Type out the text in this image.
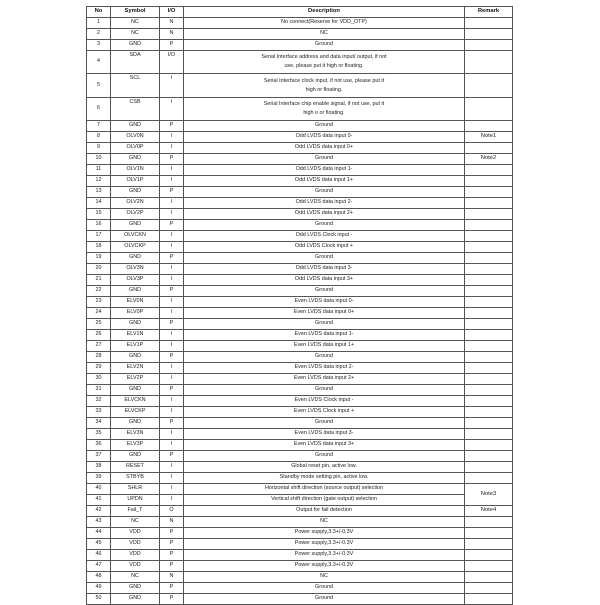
No	Symbol	I/O	Description	Remark
1	NC	N	No connect(Reserve for VDD_OTP)	
2	NC	N	NC	
3	GND	P	Ground	
4	SDA	I/O	Serial Interface address and data input/ output, if not
use, please put it high or floating.	

5	SCL	I	Serial Interface clock input, if not use, please put it
high or floating.	

6	CSB	I	Serial Interface chip enable signal, if not use, put it
high o or floating.	

7	GND	P	Ground	
8	OLV0N	I	Odd LVDS data input 0-	Note1
9	OLV0P	I	Odd LVDS data input 0+	
10	GND	P	Ground	Note2
11	OLV1N	I	Odd LVDS data input 1-	
12	OLV1P	I	Odd LVDS data input 1+	
13	GND	P	Ground	
14	OLV2N	I	Odd LVDS data input 2-	
15	OLV2P	I	Odd LVDS data input 2+	
16	GND	P	Ground	
17	OLVCKN	I	Odd LVDS Clock input -	
18	OLVCKP	I	Odd LVDS Clock input +	
19	GND	P	Ground	
20	OLV3N	I	Odd LVDS data input 3-	
21	OLV3P	I	Odd LVDS data input 3+	
22	GND	P	Ground	
23	ELV0N	I	Even LVDS data input 0-	
24	ELV0P	I	Even LVDS data input 0+	
25	GND	P	Ground	
26	ELV1N	I	Even LVDS data input 1-	
27	ELV1P	I	Even LVDS data input 1+	
28	GND	P	Ground	
29	ELV2N	I	Even LVDS data input 2-	
30	ELV2P	I	Even LVDS data input 2+	
31	GND	P	Ground	
32	ELVCKN	I	Even LVDS Clock input -	
33	ELVCKP	I	Even LVDS Clock input +	
34	GND	P	Ground	
35	ELV3N	I	Even LVDS data input 3-	
36	ELV3P	I	Even LVDS data input 3+	
37	GND	P	Ground	
38	RESET	I	Global reset pin, active low.	
39	STBYB	I	Standby mode setting pin, active low.	
40	SHLR	I	Horizontal shift direction (source output) selection	Note3
41	UPDN	I	Vertical shift direction (gate output) selection	
42	Fail_T	O	Output for fail detection	Note4
43	NC	N	NC	
44	VDD	P	Power supply,3.3+/-0.3V	
45	VDD	P	Power supply,3.3+/-0.3V	
46	VDD	P	Power supply,3.3+/-0.3V	
47	VDD	P	Power supply,3.3+/-0.3V	
48	NC	N	NC	
49	GND	P	Ground	
50	GND	P	Ground	
